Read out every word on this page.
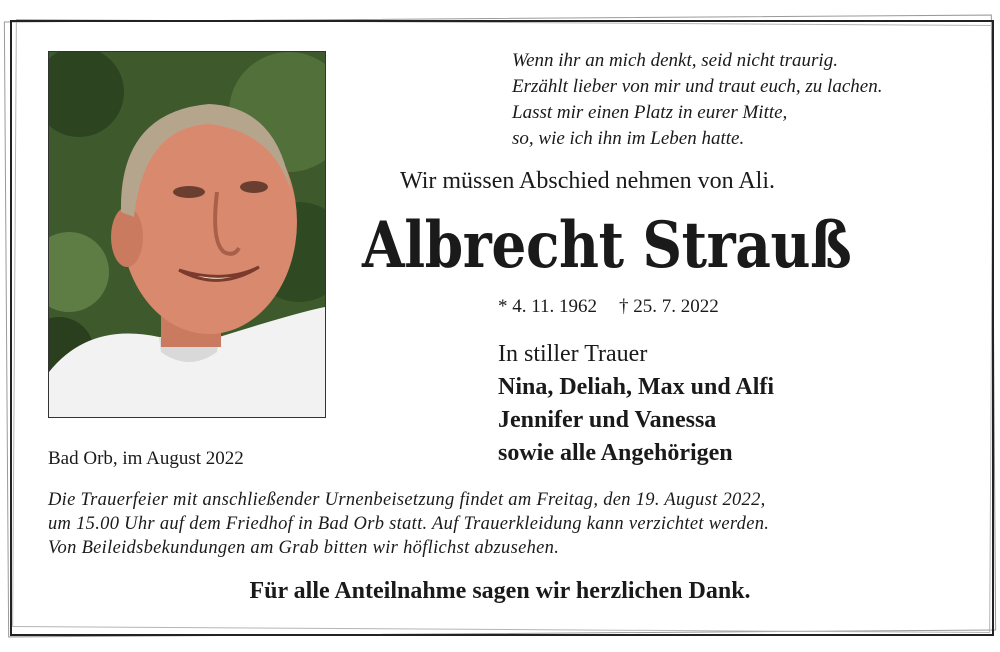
Wenn ihr an mich denkt, seid nicht traurig.
Erzählt lieber von mir und traut euch, zu lachen.
Lasst mir einen Platz in eurer Mitte,
so, wie ich ihn im Leben hatte.
Wir müssen Abschied nehmen von Ali.
Albrecht Strauß
* 4. 11. 1962 † 25. 7. 2022
In stiller Trauer
Nina, Deliah, Max und Alfi
Jennifer und Vanessa
sowie alle Angehörigen
Bad Orb, im August 2022
Die Trauerfeier mit anschließender Urnenbeisetzung findet am Freitag, den 19. August 2022,
um 15.00 Uhr auf dem Friedhof in Bad Orb statt. Auf Trauerkleidung kann verzichtet werden.
Von Beileidsbekundungen am Grab bitten wir höflichst abzusehen.
Für alle Anteilnahme sagen wir herzlichen Dank.
